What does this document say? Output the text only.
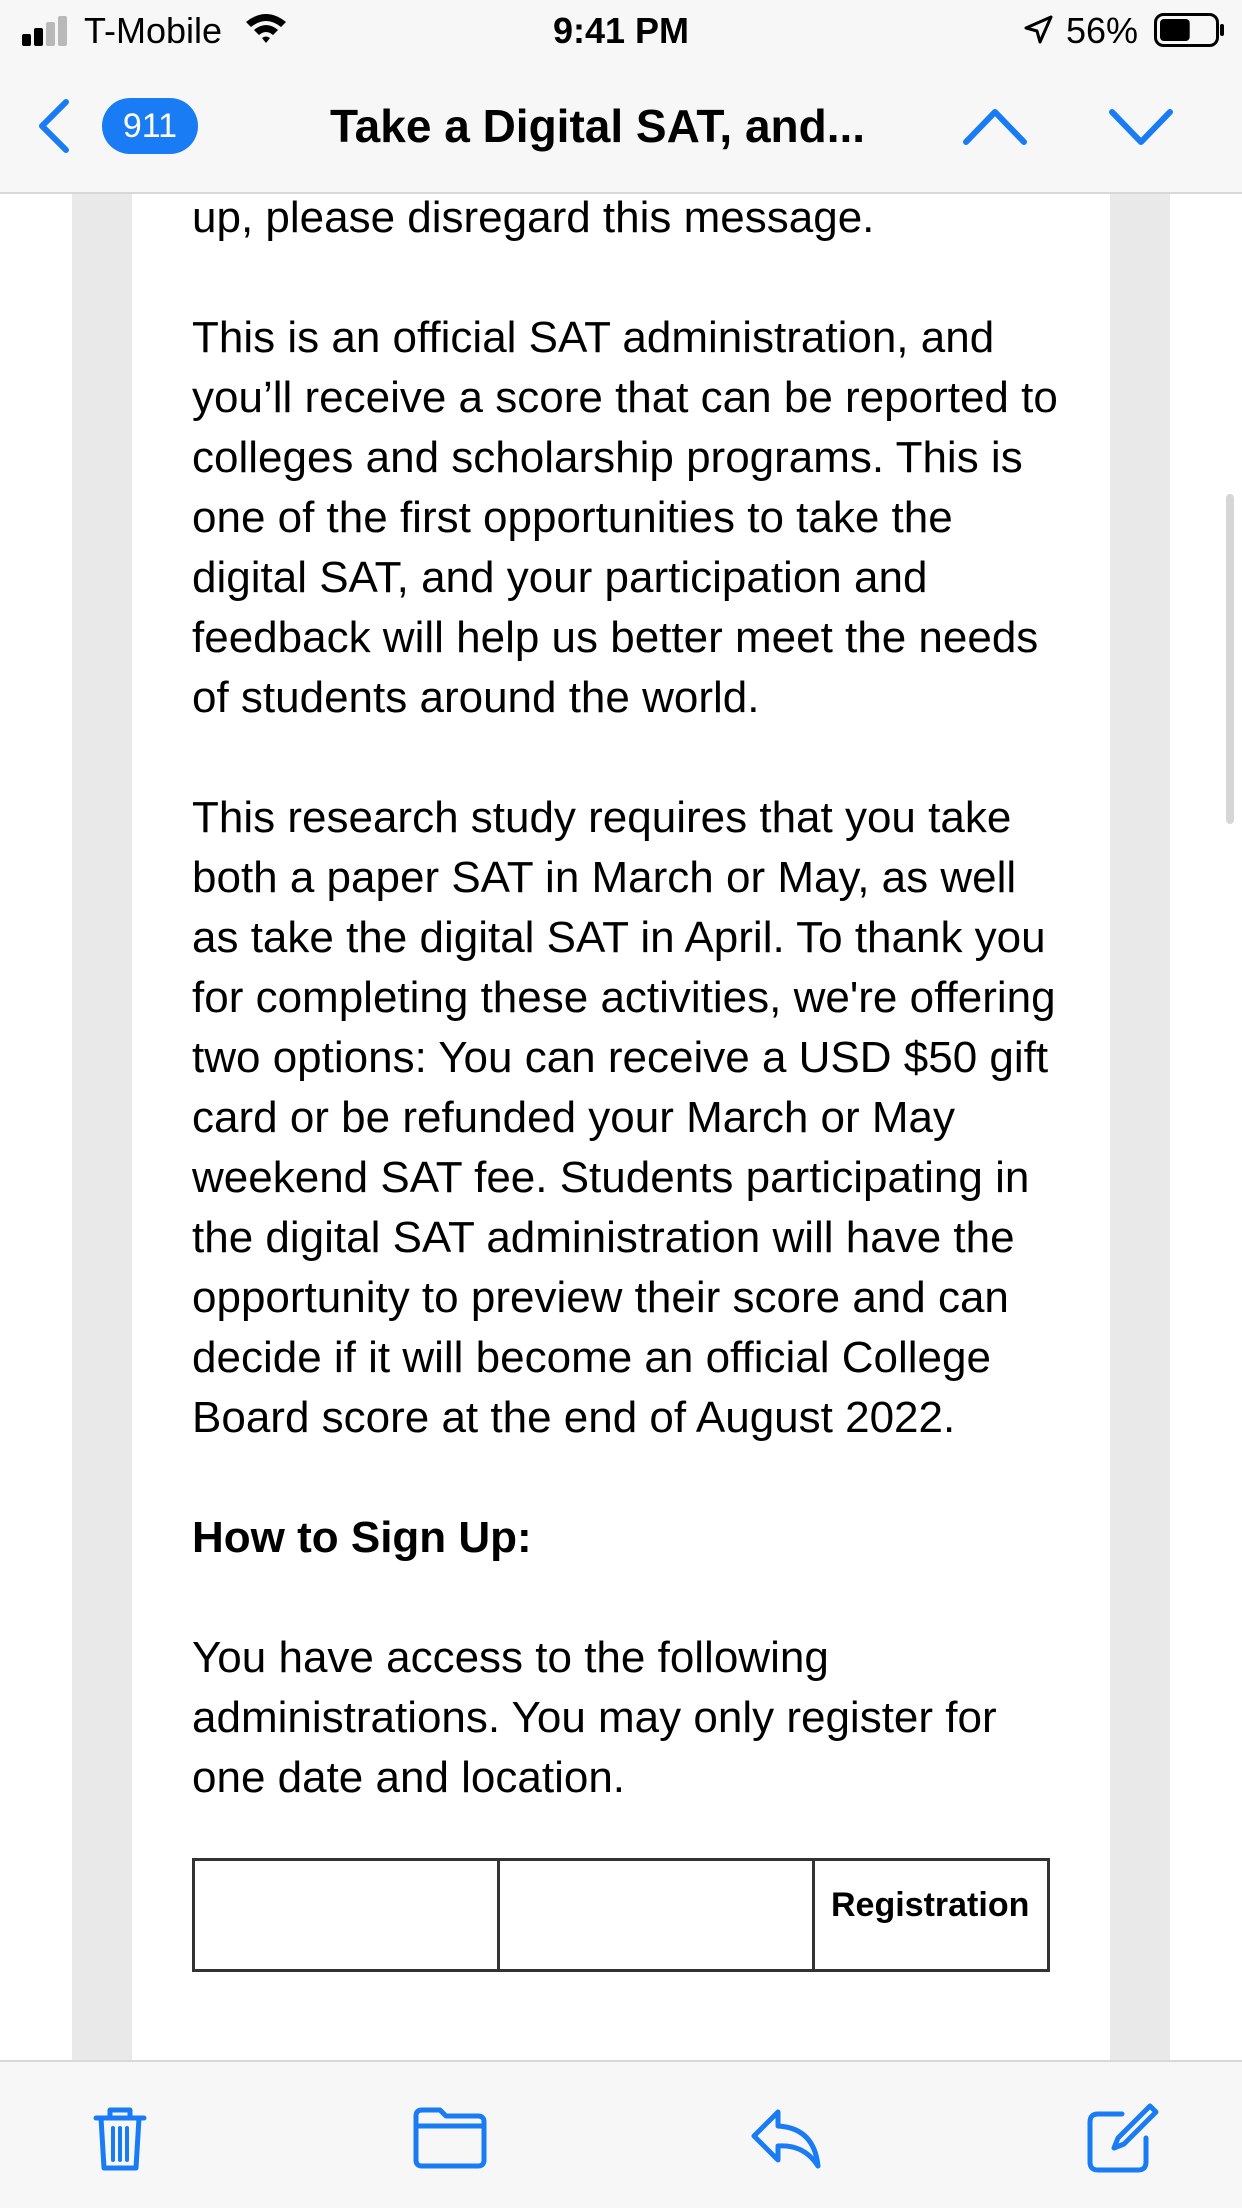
T-Mobile	9:41 PM	56%
911	Take a Digital SAT, and...

up, please disregard this message.

This is an official SAT administration, and you’ll receive a score that can be reported to colleges and scholarship programs. This is one of the first opportunities to take the digital SAT, and your participation and feedback will help us better meet the needs of students around the world.

This research study requires that you take both a paper SAT in March or May, as well as take the digital SAT in April. To thank you for completing these activities, we're offering two options: You can receive a USD $50 gift card or be refunded your March or May weekend SAT fee. Students participating in the digital SAT administration will have the opportunity to preview their score and can decide if it will become an official College Board score at the end of August 2022.

How to Sign Up:

You have access to the following administrations. You may only register for one date and location.

		Registration
